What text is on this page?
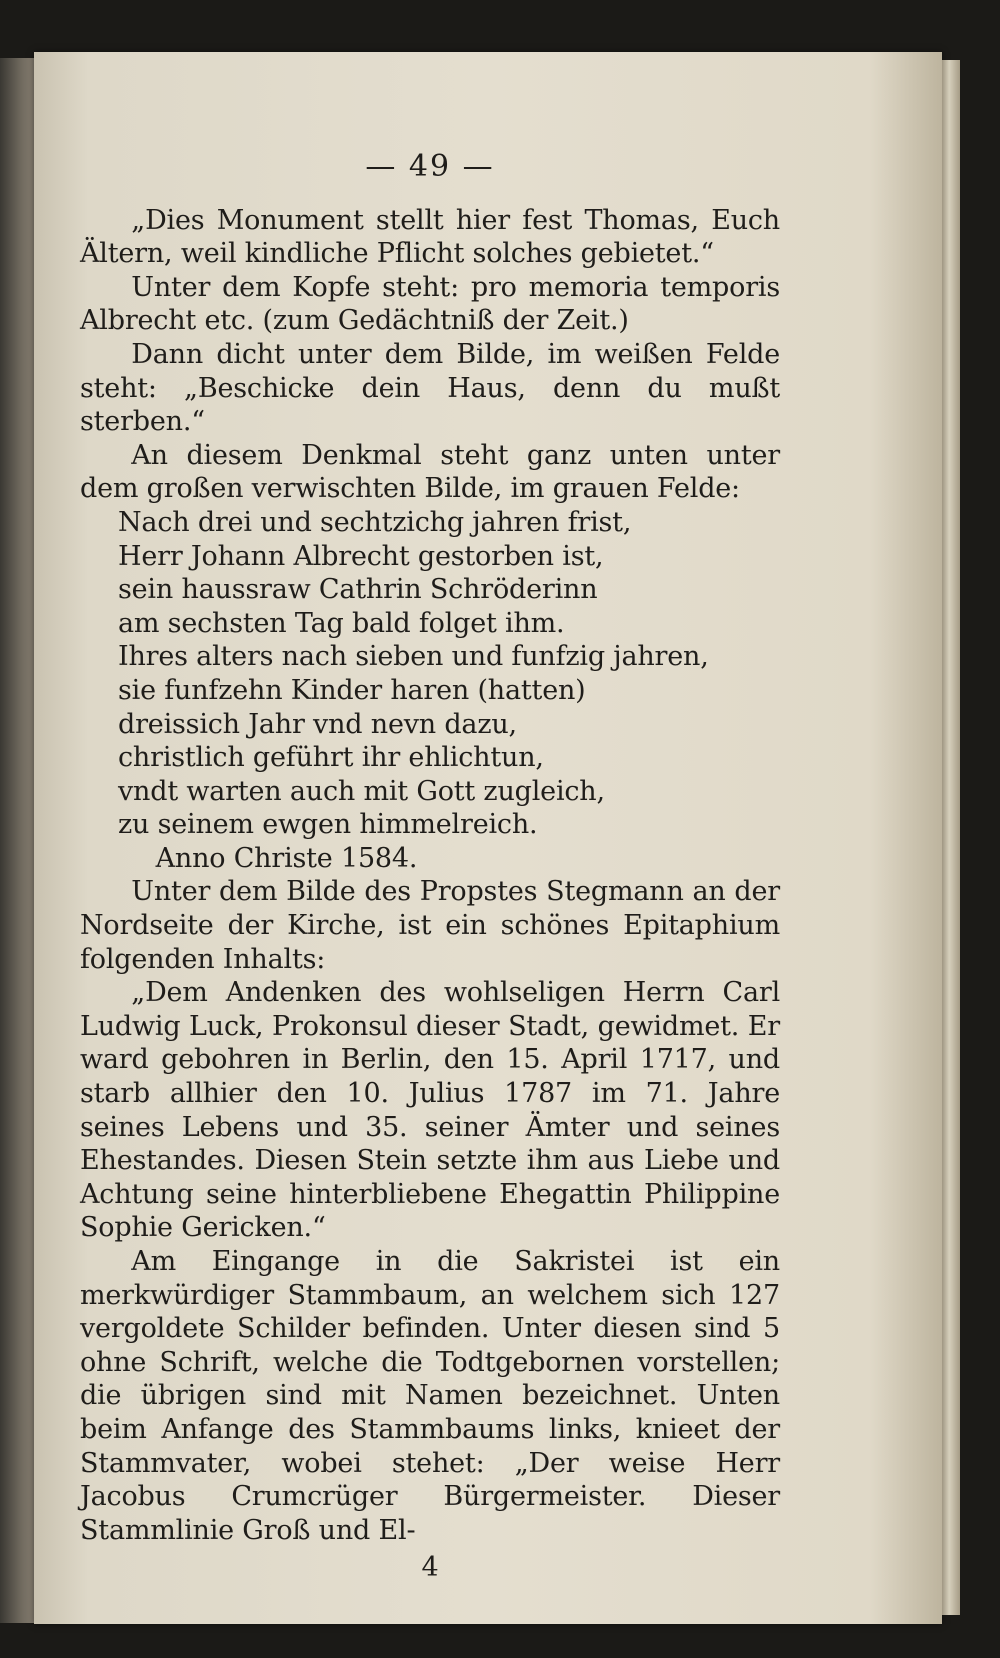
— 49 —

„Dies Monument stellt hier fest Thomas, Euch Ältern, weil kindliche Pflicht solches gebietet.“

Unter dem Kopfe steht: pro memoria temporis Albrecht etc. (zum Gedächtniß der Zeit.)

Dann dicht unter dem Bilde, im weißen Felde steht: „Beschicke dein Haus, denn du mußt sterben.“

An diesem Denkmal steht ganz unten unter dem großen verwischten Bilde, im grauen Felde:

Nach drei und sechtzichg jahren frist,

Herr Johann Albrecht gestorben ist,

sein haussraw Cathrin Schröderinn

am sechsten Tag bald folget ihm.

Ihres alters nach sieben und funfzig jahren,

sie funfzehn Kinder haren (hatten)

dreissich Jahr vnd nevn dazu,

christlich geführt ihr ehlichtun,

vndt warten auch mit Gott zugleich,

zu seinem ewgen himmelreich.

Anno Christe 1584.

Unter dem Bilde des Propstes Stegmann an der Nordseite der Kirche, ist ein schönes Epitaphium folgenden Inhalts:

„Dem Andenken des wohlseligen Herrn Carl Ludwig Luck, Prokonsul dieser Stadt, gewidmet. Er ward gebohren in Berlin, den 15. April 1717, und starb allhier den 10. Julius 1787 im 71. Jahre seines Lebens und 35. seiner Ämter und seines Ehestandes. Diesen Stein setzte ihm aus Liebe und Achtung seine hinterbliebene Ehegattin Philippine Sophie Gericken.“

Am Eingange in die Sakristei ist ein merkwürdiger Stammbaum, an welchem sich 127 vergoldete Schilder befinden. Unter diesen sind 5 ohne Schrift, welche die Todtgebornen vorstellen; die übrigen sind mit Namen bezeichnet. Unten beim Anfange des Stammbaums links, knieet der Stammvater, wobei stehet: „Der weise Herr Jacobus Crumcrüger Bürgermeister. Dieser Stammlinie Groß und El-

4
